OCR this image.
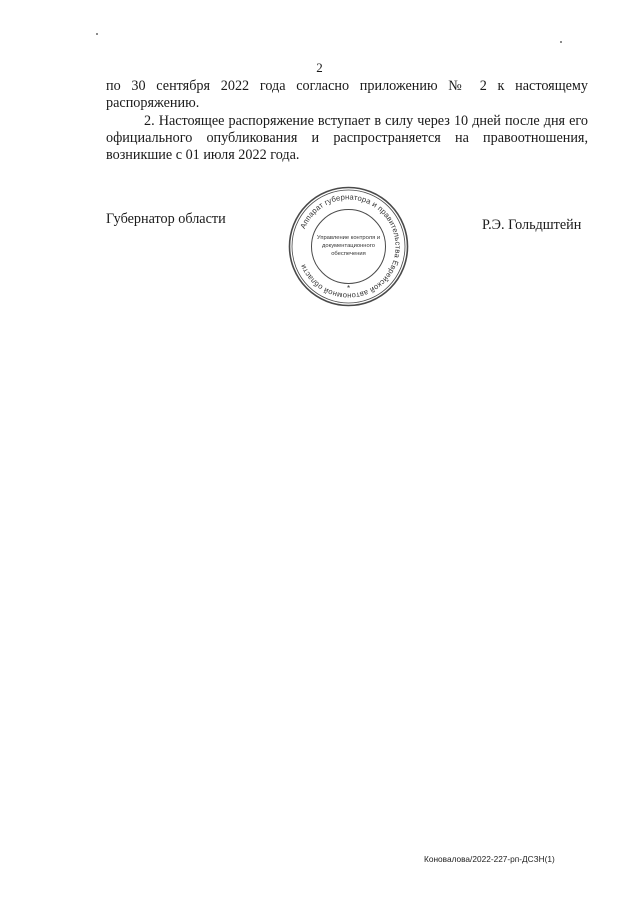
2

по 30 сентября 2022 года согласно приложению № 2 к настоящему распоряжению.

2. Настоящее распоряжение вступает в силу через 10 дней после дня его официального опубликования и распространяется на правоотношения, возникшие с 01 июля 2022 года.

Губернатор области	Р.Э. Гольдштейн
Аппарат губернатора и правительства Еврейской автономной области
Управление контроля и
документационного
обеспечения
*
Коновалова/2022-227-рп-ДСЗН(1)
